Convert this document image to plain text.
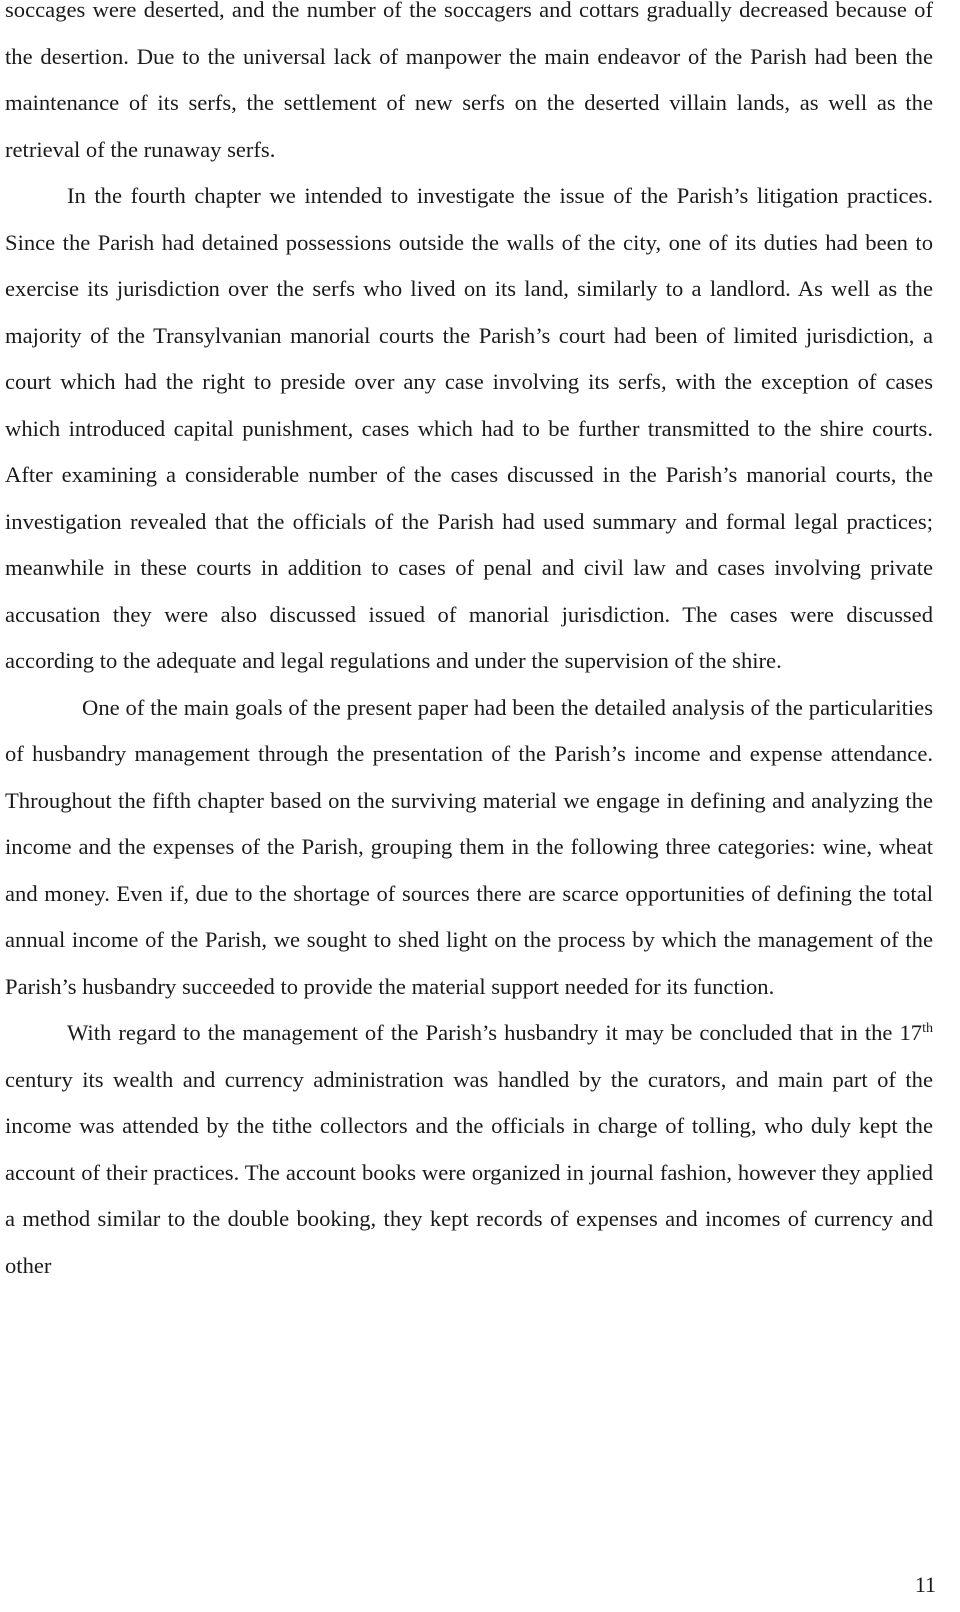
soccages were deserted, and the number of the soccagers and cottars gradually decreased because of the desertion. Due to the universal lack of manpower the main endeavor of the Parish had been the maintenance of its serfs, the settlement of new serfs on the deserted villain lands, as well as the retrieval of the runaway serfs.

In the fourth chapter we intended to investigate the issue of the Parish’s litigation practices. Since the Parish had detained possessions outside the walls of the city, one of its duties had been to exercise its jurisdiction over the serfs who lived on its land, similarly to a landlord. As well as the majority of the Transylvanian manorial courts the Parish’s court had been of limited jurisdiction, a court which had the right to preside over any case involving its serfs, with the exception of cases which introduced capital punishment, cases which had to be further transmitted to the shire courts. After examining a considerable number of the cases discussed in the Parish’s manorial courts, the investigation revealed that the officials of the Parish had used summary and formal legal practices; meanwhile in these courts in addition to cases of penal and civil law and cases involving private accusation they were also discussed issued of manorial jurisdiction. The cases were discussed according to the adequate and legal regulations and under the supervision of the shire.

One of the main goals of the present paper had been the detailed analysis of the particularities of husbandry management through the presentation of the Parish’s income and expense attendance. Throughout the fifth chapter based on the surviving material we engage in defining and analyzing the income and the expenses of the Parish, grouping them in the following three categories: wine, wheat and money. Even if, due to the shortage of sources there are scarce opportunities of defining the total annual income of the Parish, we sought to shed light on the process by which the management of the Parish’s husbandry succeeded to provide the material support needed for its function.

With regard to the management of the Parish’s husbandry it may be concluded that in the 17th century its wealth and currency administration was handled by the curators, and main part of the income was attended by the tithe collectors and the officials in charge of tolling, who duly kept the account of their practices. The account books were organized in journal fashion, however they applied a method similar to the double booking, they kept records of expenses and incomes of currency and other

11
